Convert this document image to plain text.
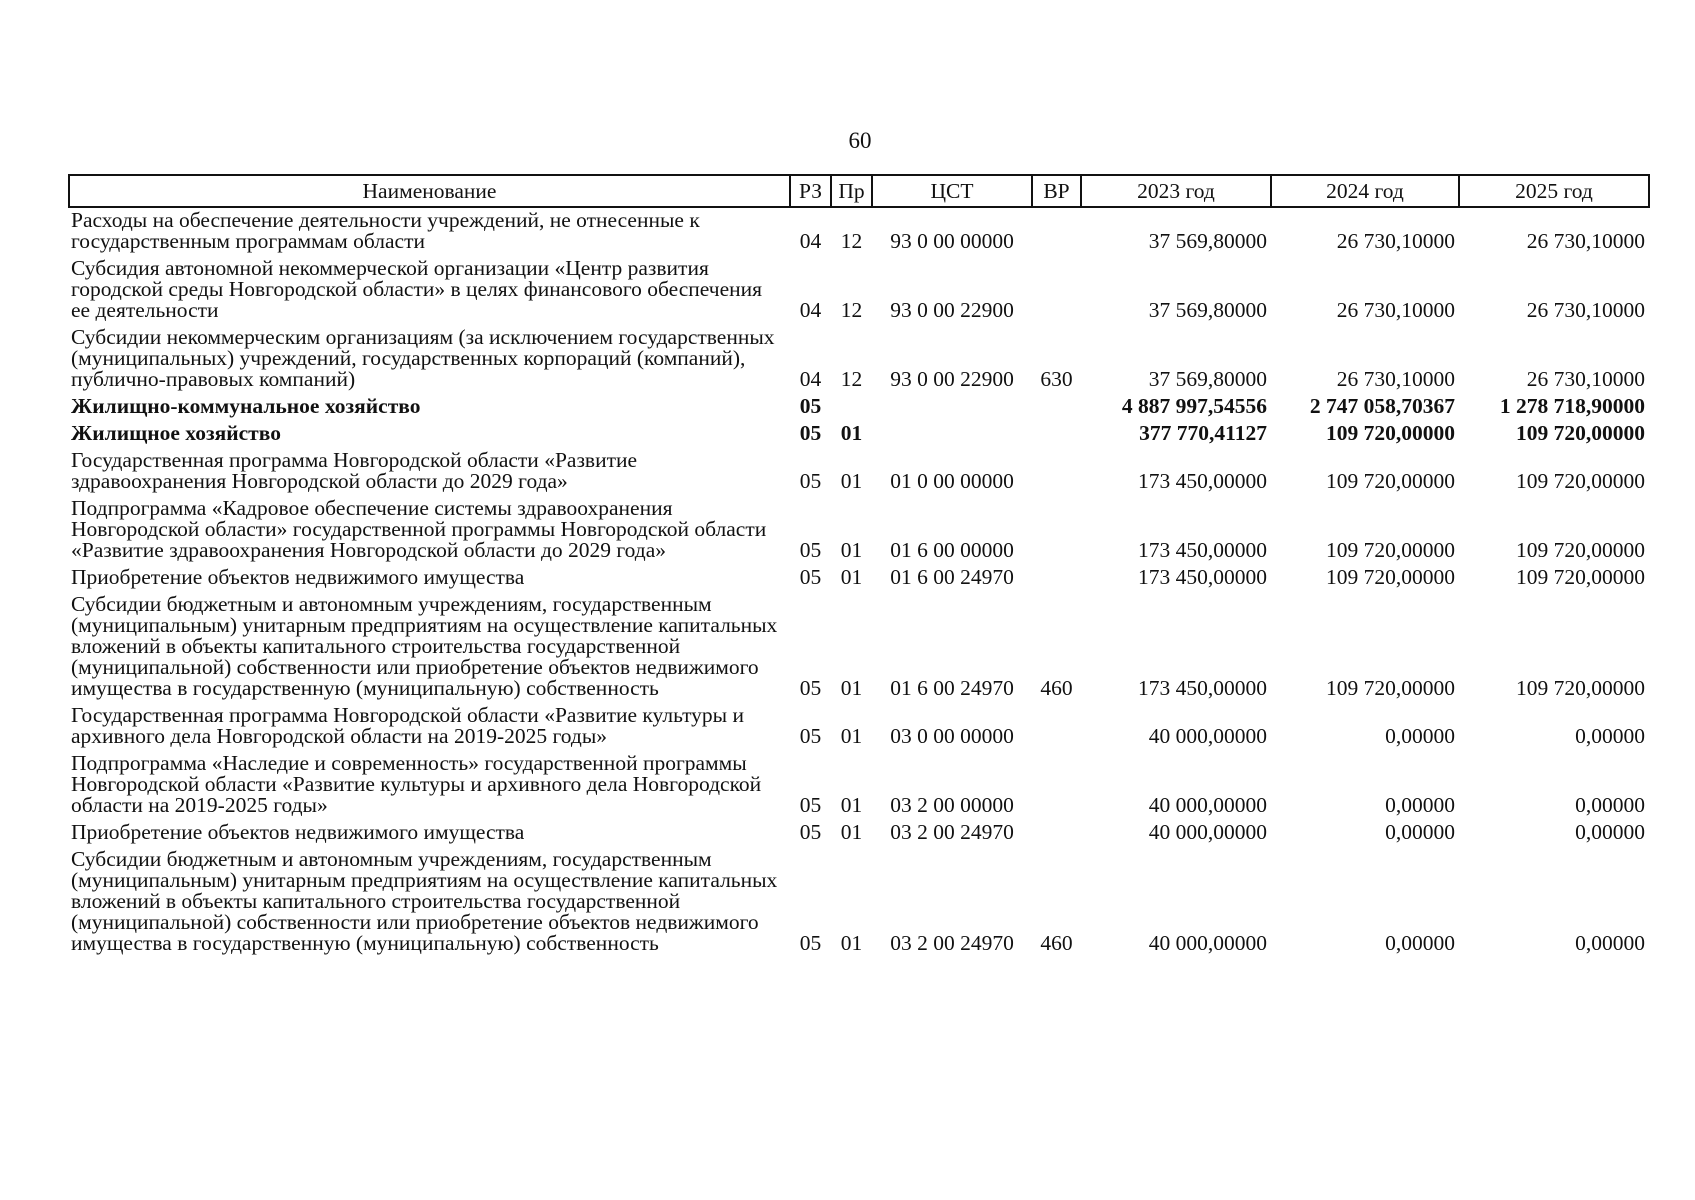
60
Наименование	РЗ	Пр	ЦСТ	ВР	2023 год	2024 год	2025 год
Расходы на обеспечение деятельности учреждений, не отнесенные к государственным программам области	04	12	93 0 00 00000		37 569,80000	26 730,10000	26 730,10000
Субсидия автономной некоммерческой организации «Центр развития городской среды Новгородской области» в целях финансового обеспечения ее деятельности	04	12	93 0 00 22900		37 569,80000	26 730,10000	26 730,10000
Субсидии некоммерческим организациям (за исключением государственных (муниципальных) учреждений, государственных корпораций (компаний), публично-правовых компаний)	04	12	93 0 00 22900	630	37 569,80000	26 730,10000	26 730,10000
Жилищно-коммунальное хозяйство	05				4 887 997,54556	2 747 058,70367	1 278 718,90000
Жилищное хозяйство	05	01			377 770,41127	109 720,00000	109 720,00000
Государственная программа Новгородской области «Развитие здравоохранения Новгородской области до 2029 года»	05	01	01 0 00 00000		173 450,00000	109 720,00000	109 720,00000
Подпрограмма «Кадровое обеспечение системы здравоохранения Новгородской области» государственной программы Новгородской области «Развитие здравоохранения Новгородской области до 2029 года»	05	01	01 6 00 00000		173 450,00000	109 720,00000	109 720,00000
Приобретение объектов недвижимого имущества	05	01	01 6 00 24970		173 450,00000	109 720,00000	109 720,00000
Субсидии бюджетным и автономным учреждениям, государственным (муниципальным) унитарным предприятиям на осуществление капитальных вложений в объекты капитального строительства государственной (муниципальной) собственности или приобретение объектов недвижимого имущества в государственную (муниципальную) собственность	05	01	01 6 00 24970	460	173 450,00000	109 720,00000	109 720,00000
Государственная программа Новгородской области «Развитие культуры и архивного дела Новгородской области на 2019-2025 годы»	05	01	03 0 00 00000		40 000,00000	0,00000	0,00000
Подпрограмма «Наследие и современность» государственной программы Новгородской области «Развитие культуры и архивного дела Новгородской области на 2019-2025 годы»	05	01	03 2 00 00000		40 000,00000	0,00000	0,00000
Приобретение объектов недвижимого имущества	05	01	03 2 00 24970		40 000,00000	0,00000	0,00000
Субсидии бюджетным и автономным учреждениям, государственным (муниципальным) унитарным предприятиям на осуществление капитальных вложений в объекты капитального строительства государственной (муниципальной) собственности или приобретение объектов недвижимого имущества в государственную (муниципальную) собственность	05	01	03 2 00 24970	460	40 000,00000	0,00000	0,00000
